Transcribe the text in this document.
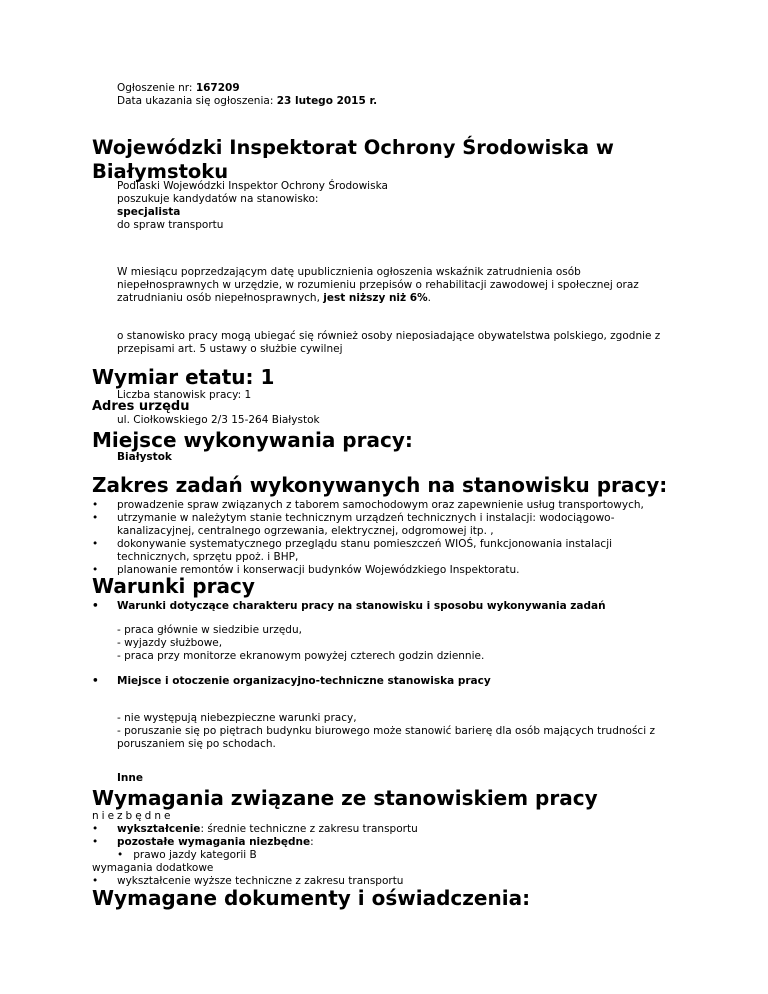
Ogłoszenie nr: 167209
Data ukazania się ogłoszenia: 23 lutego 2015 r.
Wojewódzki Inspektorat Ochrony Środowiska w Białymstoku
Podlaski Wojewódzki Inspektor Ochrony Środowiska
poszukuje kandydatów na stanowisko:
specjalista
do spraw transportu
W miesiącu poprzedzającym datę upublicznienia ogłoszenia wskaźnik zatrudnienia osób niepełnosprawnych w urzędzie, w rozumieniu przepisów o rehabilitacji zawodowej i społecznej oraz zatrudnianiu osób niepełnosprawnych, jest niższy niż 6%.
o stanowisko pracy mogą ubiegać się również osoby nieposiadające obywatelstwa polskiego, zgodnie z przepisami art. 5 ustawy o służbie cywilnej
Wymiar etatu: 1
Liczba stanowisk pracy: 1
Adres urzędu
ul. Ciołkowskiego 2/3 15-264 Białystok
Miejsce wykonywania pracy:
Białystok
Zakres zadań wykonywanych na stanowisku pracy:
• prowadzenie spraw związanych z taborem samochodowym oraz zapewnienie usług transportowych,
• utrzymanie w należytym stanie technicznym urządzeń technicznych i instalacji: wodociągowo-kanalizacyjnej, centralnego ogrzewania, elektrycznej, odgromowej itp. ,
• dokonywanie systematycznego przeglądu stanu pomieszczeń WIOŚ, funkcjonowania instalacji technicznych, sprzętu ppoż. i BHP,
• planowanie remontów i konserwacji budynków Wojewódzkiego Inspektoratu.
Warunki pracy
• Warunki dotyczące charakteru pracy na stanowisku i sposobu wykonywania zadań
- praca głównie w siedzibie urzędu,
- wyjazdy służbowe,
- praca przy monitorze ekranowym powyżej czterech godzin dziennie.
• Miejsce i otoczenie organizacyjno-techniczne stanowiska pracy
- nie występują niebezpieczne warunki pracy,
- poruszanie się po piętrach budynku biurowego może stanowić barierę dla osób mających trudności z poruszaniem się po schodach.
Inne
Wymagania związane ze stanowiskiem pracy
niezbędne
• wykształcenie: średnie techniczne z zakresu transportu
• pozostałe wymagania niezbędne:
• prawo jazdy kategorii B
wymagania dodatkowe
• wykształcenie wyższe techniczne z zakresu transportu
Wymagane dokumenty i oświadczenia:
